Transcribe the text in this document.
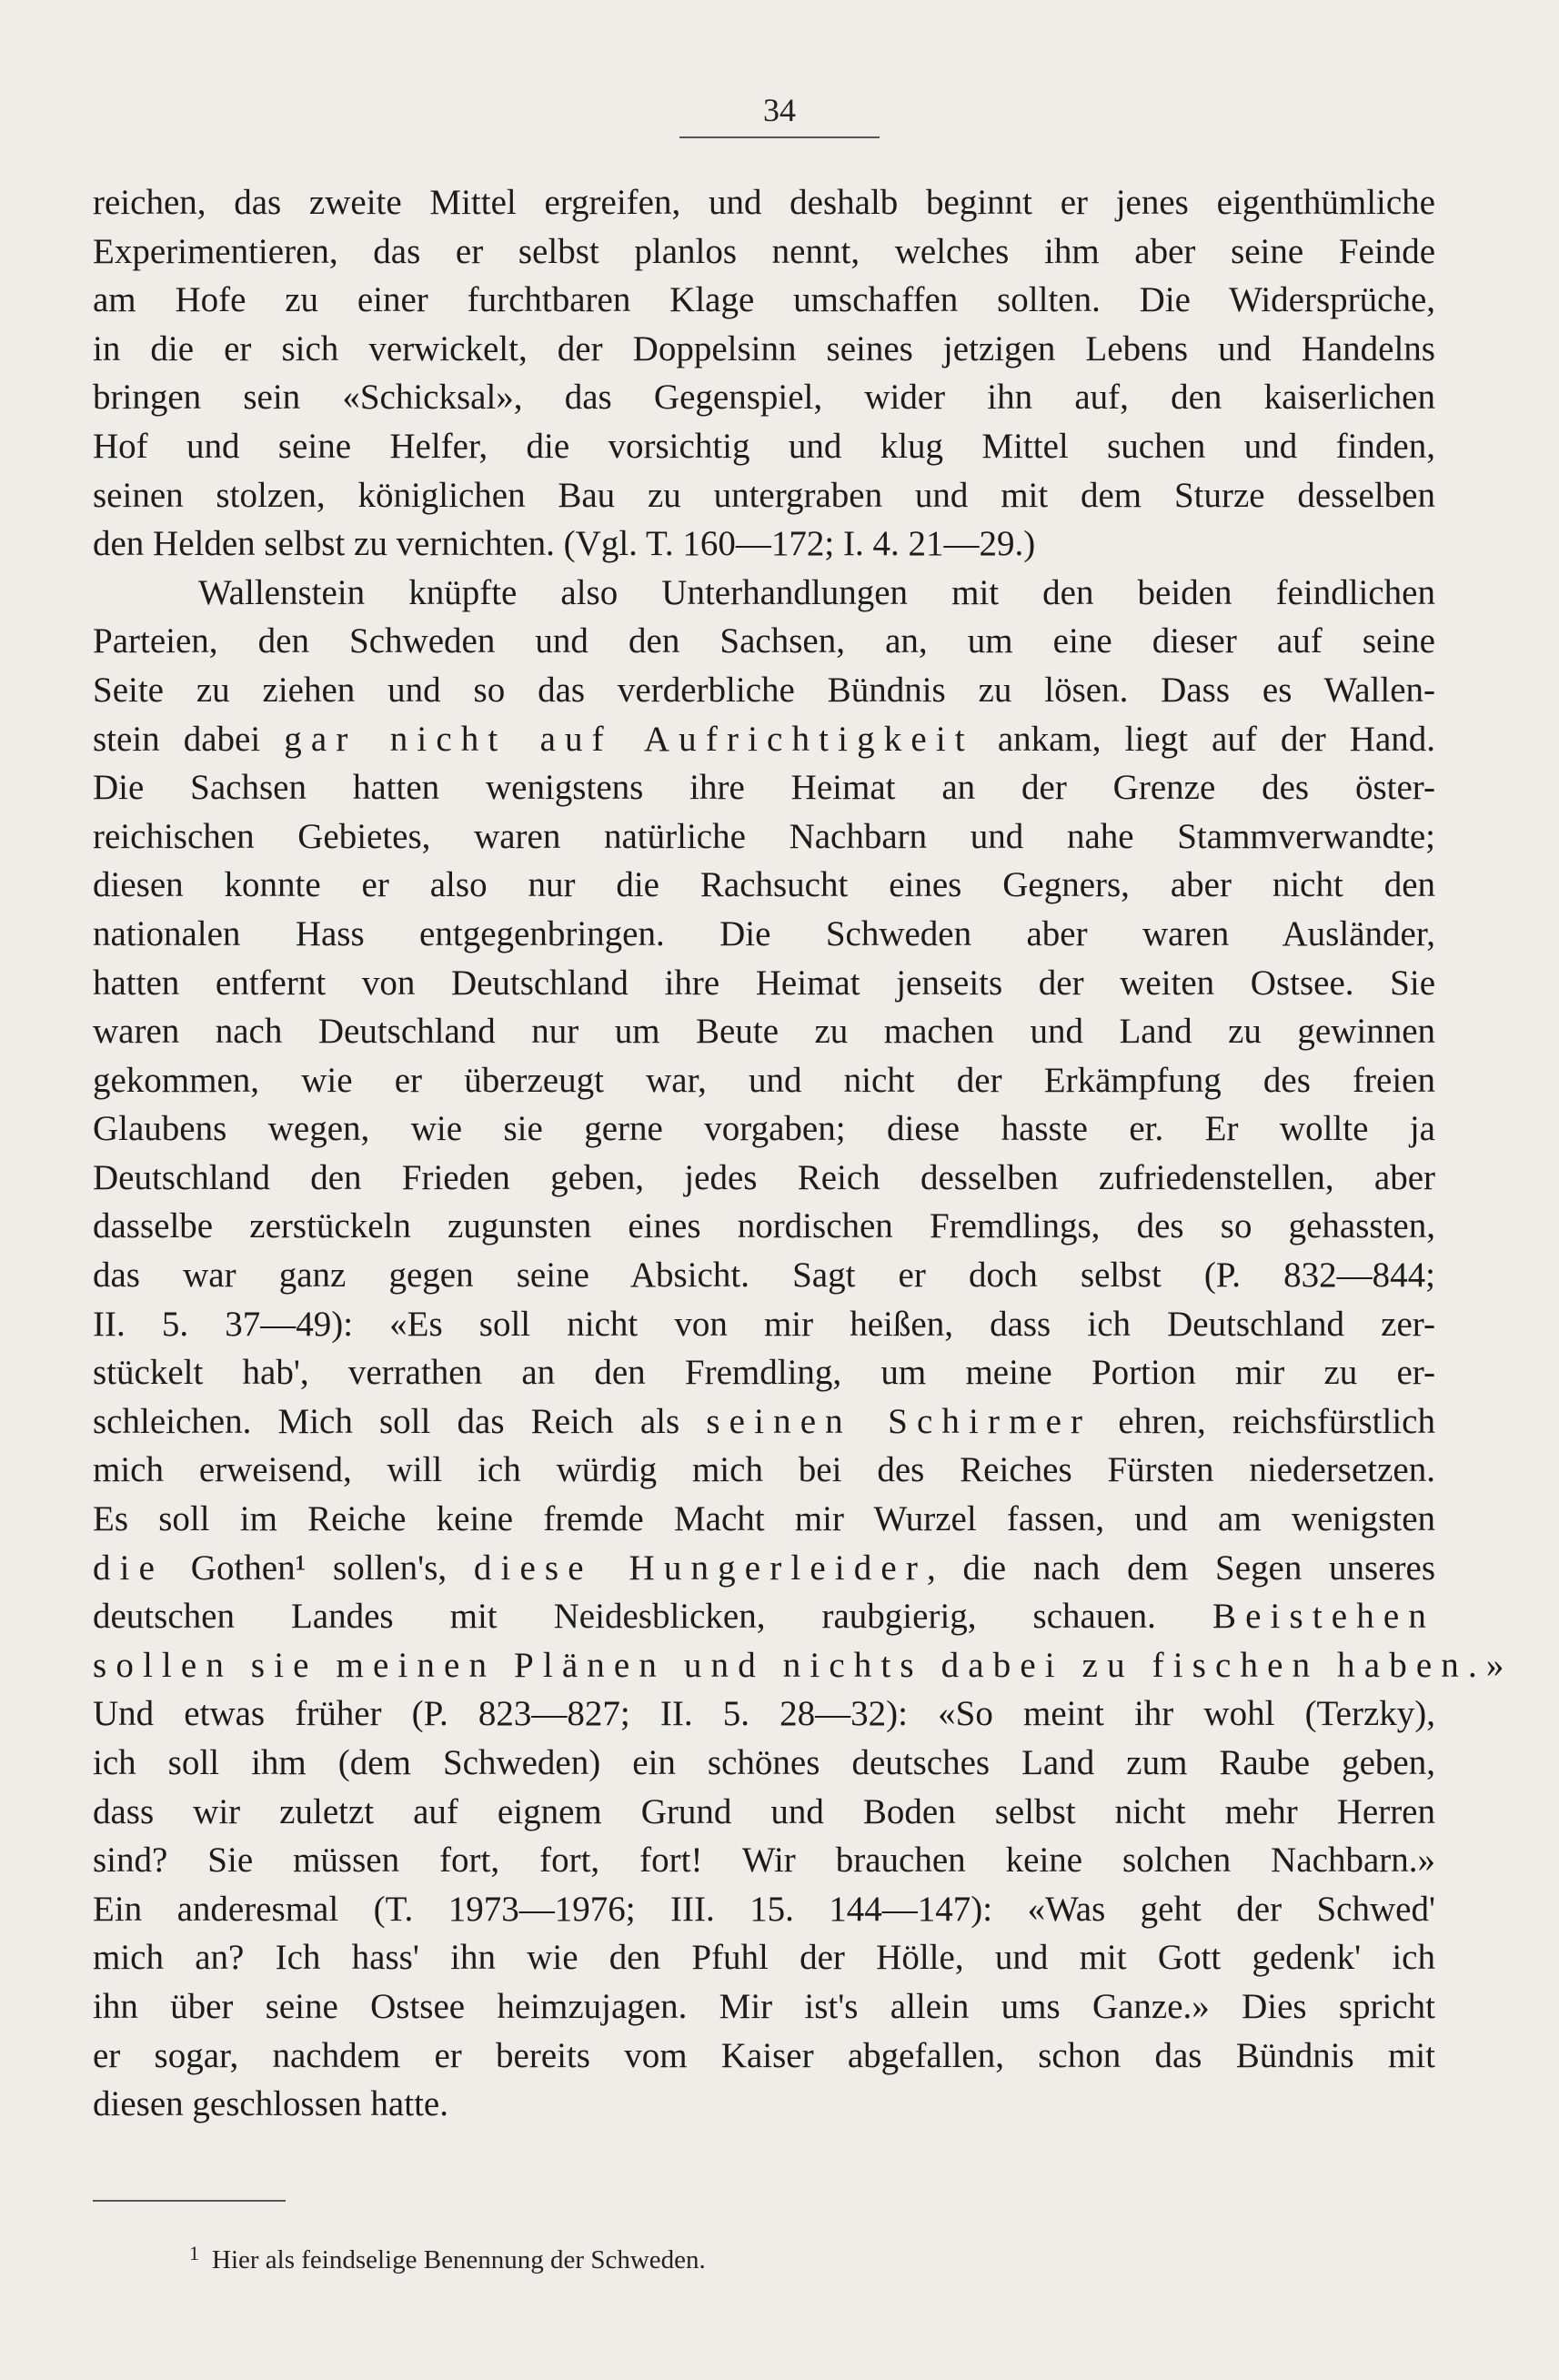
34
reichen, das zweite Mittel ergreifen, und deshalb beginnt er jenes eigenthümliche
Experimentieren, das er selbst planlos nennt, welches ihm aber seine Feinde
am Hofe zu einer furchtbaren Klage umschaffen sollten. Die Widersprüche,
in die er sich verwickelt, der Doppelsinn seines jetzigen Lebens und Handelns
bringen sein «Schicksal», das Gegenspiel, wider ihn auf, den kaiserlichen
Hof und seine Helfer, die vorsichtig und klug Mittel suchen und finden,
seinen stolzen, königlichen Bau zu untergraben und mit dem Sturze desselben
den Helden selbst zu vernichten. (Vgl. T. 160—172; I. 4. 21—29.)
Wallenstein knüpfte also Unterhandlungen mit den beiden feindlichen
Parteien, den Schweden und den Sachsen, an, um eine dieser auf seine
Seite zu ziehen und so das verderbliche Bündnis zu lösen. Dass es Wallen-
stein dabei gar nicht auf Aufrichtigkeit ankam, liegt auf der Hand.
Die Sachsen hatten wenigstens ihre Heimat an der Grenze des öster-
reichischen Gebietes, waren natürliche Nachbarn und nahe Stammverwandte;
diesen konnte er also nur die Rachsucht eines Gegners, aber nicht den
nationalen Hass entgegenbringen. Die Schweden aber waren Ausländer,
hatten entfernt von Deutschland ihre Heimat jenseits der weiten Ostsee. Sie
waren nach Deutschland nur um Beute zu machen und Land zu gewinnen
gekommen, wie er überzeugt war, und nicht der Erkämpfung des freien
Glaubens wegen, wie sie gerne vorgaben; diese hasste er. Er wollte ja
Deutschland den Frieden geben, jedes Reich desselben zufriedenstellen, aber
dasselbe zerstückeln zugunsten eines nordischen Fremdlings, des so gehassten,
das war ganz gegen seine Absicht. Sagt er doch selbst (P. 832—844;
II. 5. 37—49): «Es soll nicht von mir heißen, dass ich Deutschland zer-
stückelt hab', verrathen an den Fremdling, um meine Portion mir zu er-
schleichen. Mich soll das Reich als seinen Schirmer ehren, reichsfürstlich
mich erweisend, will ich würdig mich bei des Reiches Fürsten niedersetzen.
Es soll im Reiche keine fremde Macht mir Wurzel fassen, und am wenigsten
die Gothen¹ sollen's, diese Hungerleider, die nach dem Segen unseres
deutschen Landes mit Neidesblicken, raubgierig, schauen. Beistehen
sollen sie meinen Plänen und nichts dabei zu fischen haben.»
Und etwas früher (P. 823—827; II. 5. 28—32): «So meint ihr wohl (Terzky),
ich soll ihm (dem Schweden) ein schönes deutsches Land zum Raube geben,
dass wir zuletzt auf eignem Grund und Boden selbst nicht mehr Herren
sind? Sie müssen fort, fort, fort! Wir brauchen keine solchen Nachbarn.»
Ein anderesmal (T. 1973—1976; III. 15. 144—147): «Was geht der Schwed'
mich an? Ich hass' ihn wie den Pfuhl der Hölle, und mit Gott gedenk' ich
ihn über seine Ostsee heimzujagen. Mir ist's allein ums Ganze.» Dies spricht
er sogar, nachdem er bereits vom Kaiser abgefallen, schon das Bündnis mit
diesen geschlossen hatte.
$^1$ Hier als feindselige Benennung der Schweden.
